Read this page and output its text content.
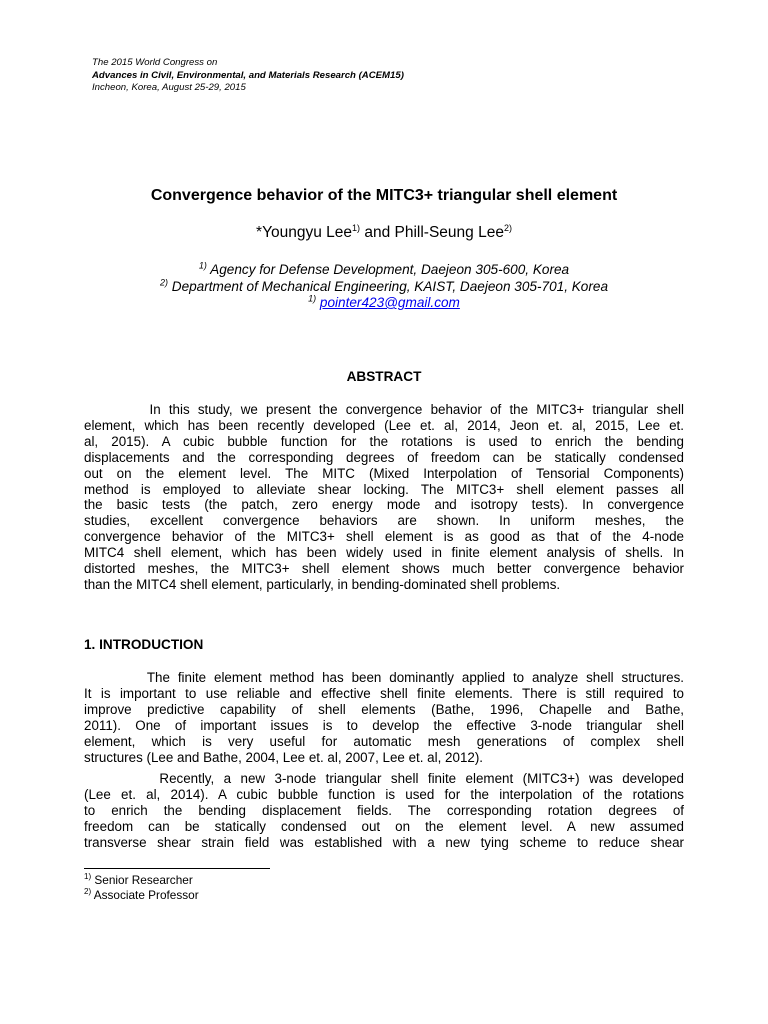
The 2015 World Congress on
Advances in Civil, Environmental, and Materials Research (ACEM15)
Incheon, Korea, August 25-29, 2015
Convergence behavior of the MITC3+ triangular shell element
*Youngyu Lee$^{1)}$ and Phill-Seung Lee$^{2)}$
$^{1)}$ Agency for Defense Development, Daejeon 305-600, Korea
$^{2)}$ Department of Mechanical Engineering, KAIST, Daejeon 305-701, Korea
$^{1)}$ pointer423@gmail.com
ABSTRACT
In this study, we present the convergence behavior of the MITC3+ triangular shell
element, which has been recently developed (Lee et. al, 2014, Jeon et. al, 2015, Lee et.
al, 2015). A cubic bubble function for the rotations is used to enrich the bending
displacements and the corresponding degrees of freedom can be statically condensed
out on the element level. The MITC (Mixed Interpolation of Tensorial Components)
method is employed to alleviate shear locking. The MITC3+ shell element passes all
the basic tests (the patch, zero energy mode and isotropy tests). In convergence
studies, excellent convergence behaviors are shown. In uniform meshes, the
convergence behavior of the MITC3+ shell element is as good as that of the 4-node
MITC4 shell element, which has been widely used in finite element analysis of shells. In
distorted meshes, the MITC3+ shell element shows much better convergence behavior
than the MITC4 shell element, particularly, in bending-dominated shell problems.
1. INTRODUCTION
The finite element method has been dominantly applied to analyze shell structures.
It is important to use reliable and effective shell finite elements. There is still required to
improve predictive capability of shell elements (Bathe, 1996, Chapelle and Bathe,
2011). One of important issues is to develop the effective 3-node triangular shell
element, which is very useful for automatic mesh generations of complex shell
structures (Lee and Bathe, 2004, Lee et. al, 2007, Lee et. al, 2012).
Recently, a new 3-node triangular shell finite element (MITC3+) was developed
(Lee et. al, 2014). A cubic bubble function is used for the interpolation of the rotations
to enrich the bending displacement fields. The corresponding rotation degrees of
freedom can be statically condensed out on the element level. A new assumed
transverse shear strain field was established with a new tying scheme to reduce shear
$^{1)}$ Senior Researcher
$^{2)}$ Associate Professor
